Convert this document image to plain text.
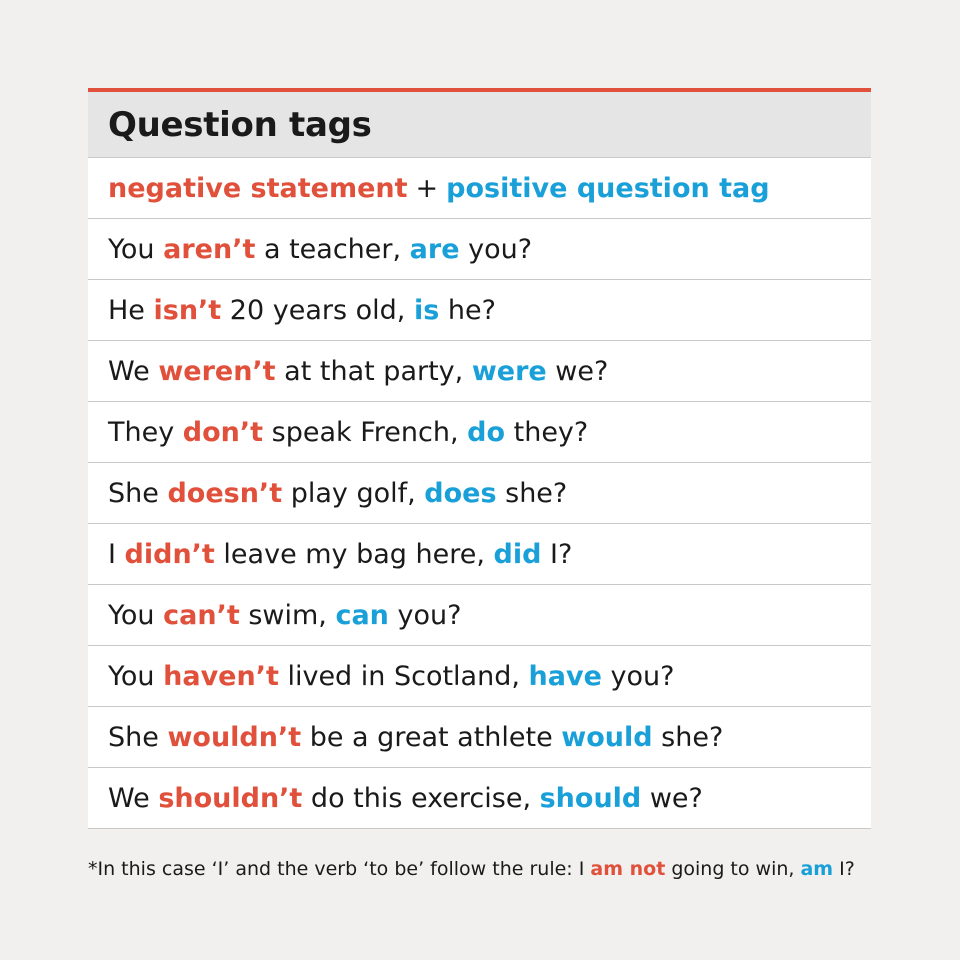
Question tags
negative statement + positive question tag
You aren’t a teacher, are you?
He isn’t 20 years old, is he?
We weren’t at that party, were we?
They don’t speak French, do they?
She doesn’t play golf, does she?
I didn’t leave my bag here, did I?
You can’t swim, can you?
You haven’t lived in Scotland, have you?
She wouldn’t be a great athlete would she?
We shouldn’t do this exercise, should we?
*In this case ‘I’ and the verb ‘to be’ follow the rule: I am not going to win, am I?
